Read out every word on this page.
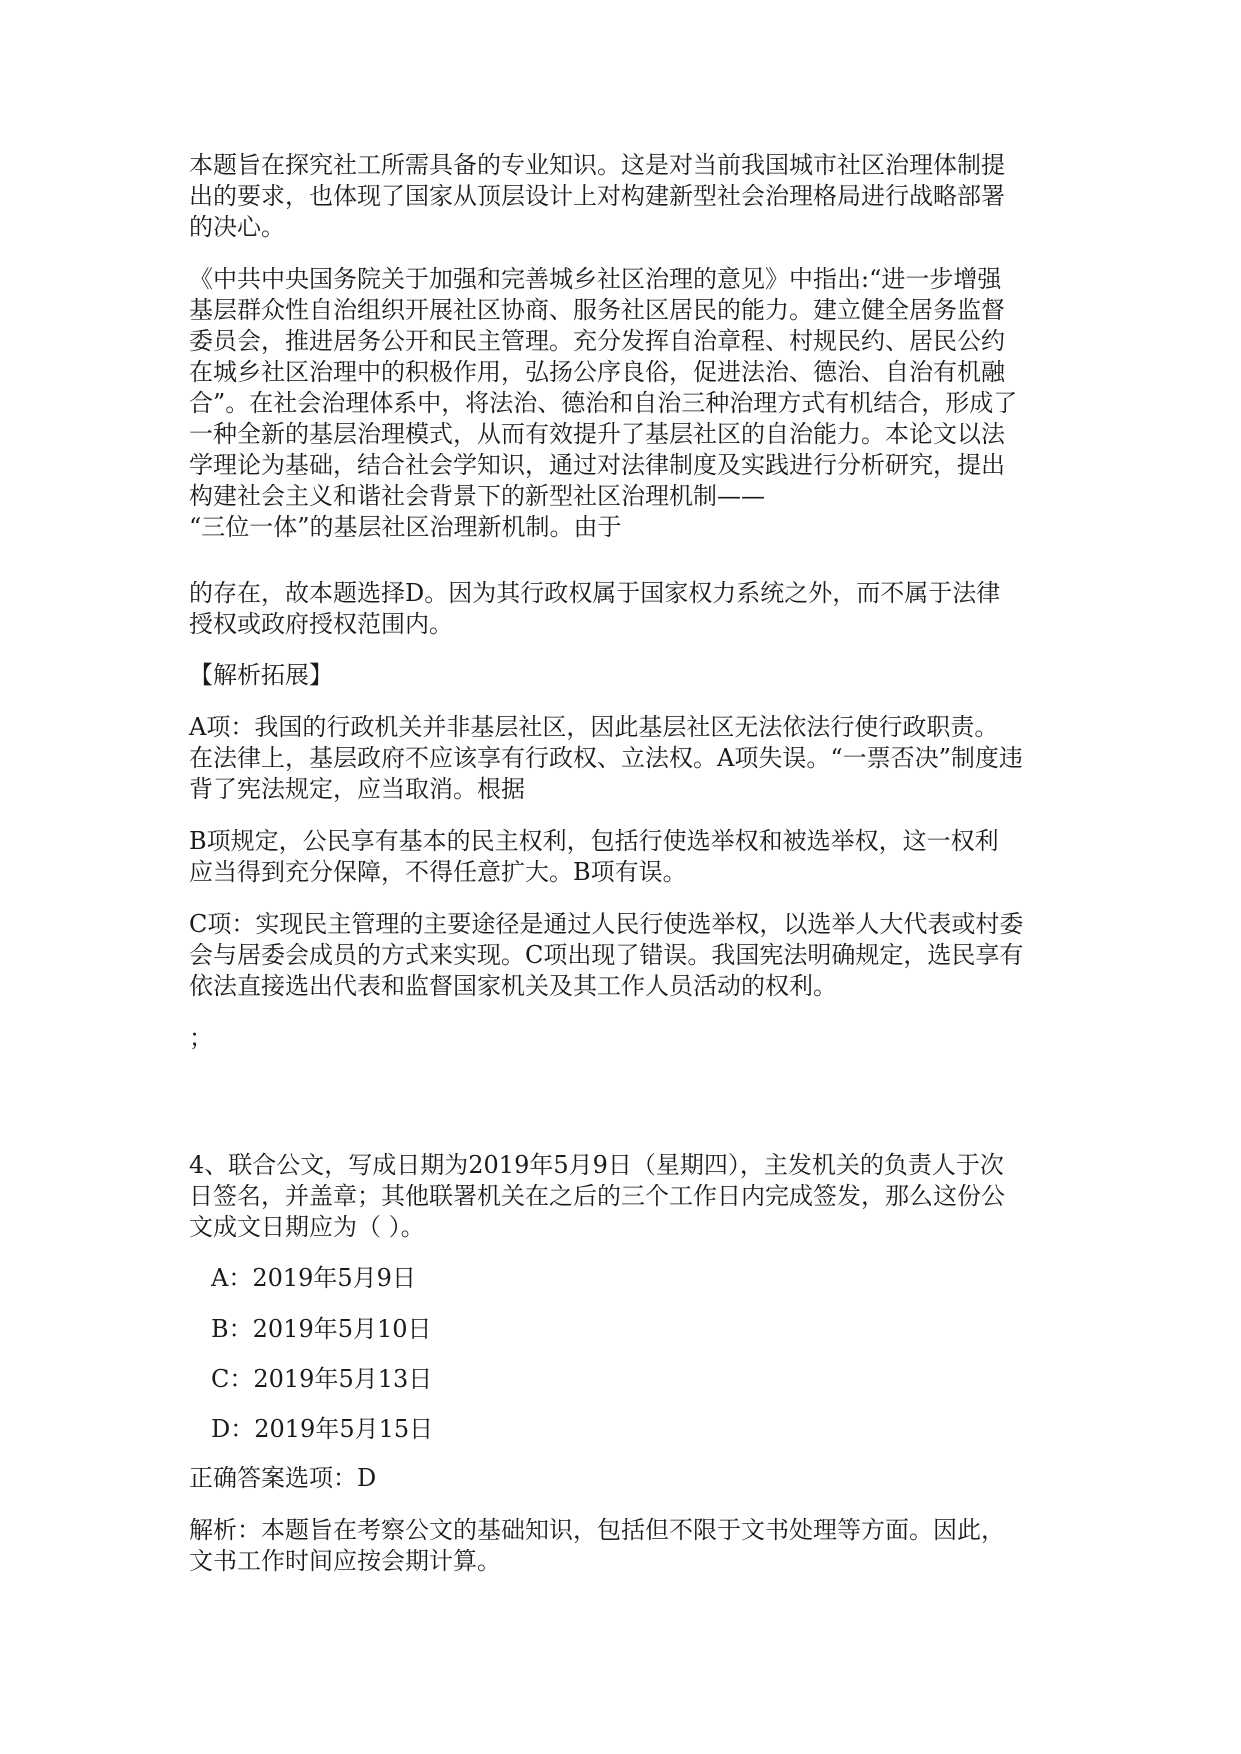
本题旨在探究社工所需具备的专业知识。这是对当前我国城市社区治理体制提
出的要求，也体现了国家从顶层设计上对构建新型社会治理格局进行战略部署
的决心。

《中共中央国务院关于加强和完善城乡社区治理的意见》中指出:“进一步增强
基层群众性自治组织开展社区协商、服务社区居民的能力。建立健全居务监督
委员会，推进居务公开和民主管理。充分发挥自治章程、村规民约、居民公约
在城乡社区治理中的积极作用，弘扬公序良俗，促进法治、德治、自治有机融
合”。在社会治理体系中，将法治、德治和自治三种治理方式有机结合，形成了
一种全新的基层治理模式，从而有效提升了基层社区的自治能力。本论文以法
学理论为基础，结合社会学知识，通过对法律制度及实践进行分析研究，提出
构建社会主义和谐社会背景下的新型社区治理机制——
“三位一体”的基层社区治理新机制。由于

的存在，故本题选择D。因为其行政权属于国家权力系统之外，而不属于法律
授权或政府授权范围内。

【解析拓展】

A项：我国的行政机关并非基层社区，因此基层社区无法依法行使行政职责。
在法律上，基层政府不应该享有行政权、立法权。A项失误。“一票否决”制度违
背了宪法规定，应当取消。根据

B项规定，公民享有基本的民主权利，包括行使选举权和被选举权，这一权利
应当得到充分保障，不得任意扩大。B项有误。

C项：实现民主管理的主要途径是通过人民行使选举权，以选举人大代表或村委
会与居委会成员的方式来实现。C项出现了错误。我国宪法明确规定，选民享有
依法直接选出代表和监督国家机关及其工作人员活动的权利。

；

4、联合公文，写成日期为2019年5月9日（星期四），主发机关的负责人于次
日签名，并盖章；其他联署机关在之后的三个工作日内完成签发，那么这份公
文成文日期应为（ ）。

A：2019年5月9日

B：2019年5月10日

C：2019年5月13日

D：2019年5月15日

正确答案选项：D

解析：本题旨在考察公文的基础知识，包括但不限于文书处理等方面。因此，
文书工作时间应按会期计算。
